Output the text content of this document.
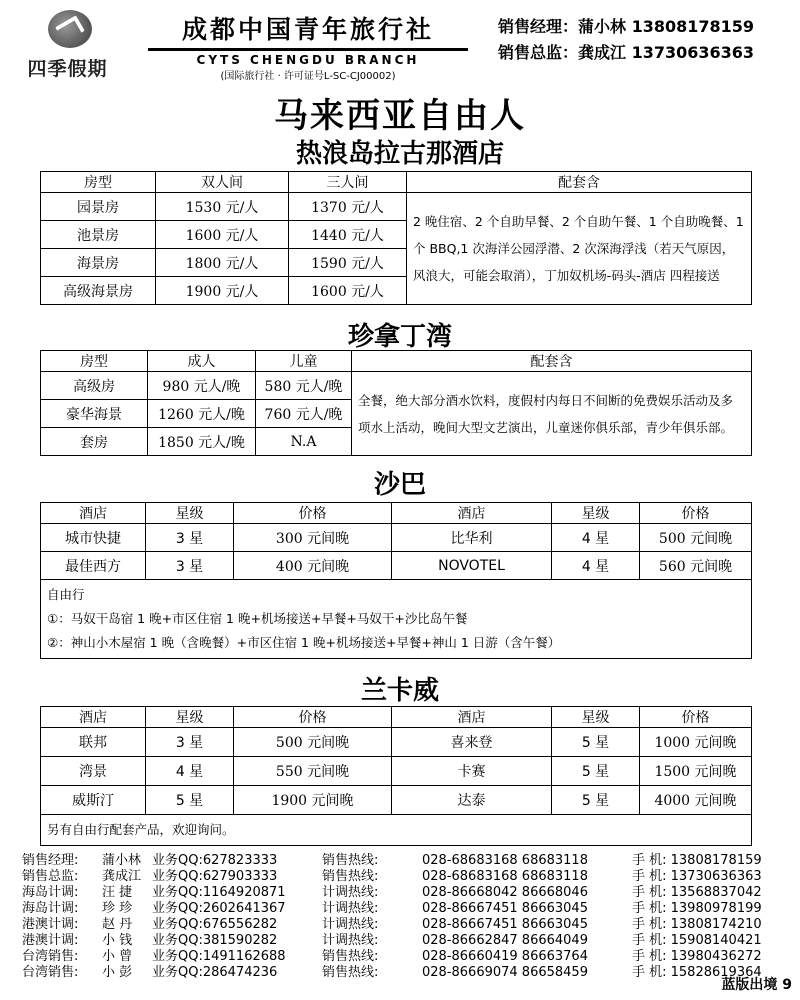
四季假期
成都中国青年旅行社
CYTS CHENGDU BRANCH
(国际旅行社 · 许可证号L-SC-CJ00002)
销售经理：蒲小林 13808178159
销售总监：龚成江 13730636363
马来西亚自由人
热浪岛拉古那酒店
房型	双人间	三人间	配套含
园景房	1530 元/人	1370 元/人	2 晚住宿、2 个自助早餐、2 个自助午餐、1 个自助晚餐、1 个 BBQ,1 次海洋公园浮潜、2 次深海浮浅（若天气原因，风浪大，可能会取消），丁加奴机场-码头-酒店 四程接送
池景房	1600 元/人	1440 元/人	
海景房	1800 元/人	1590 元/人	
高级海景房	1900 元/人	1600 元/人	
珍拿丁湾
房型	成人	儿童	配套含
高级房	980 元人/晚	580 元人/晚	全餐，绝大部分酒水饮料，度假村内每日不间断的免费娱乐活动及多项水上活动，晚间大型文艺演出，儿童迷你俱乐部，青少年俱乐部。
豪华海景	1260 元人/晚	760 元人/晚	
套房	1850 元人/晚	N.A	
沙巴
酒店	星级	价格	酒店	星级	价格
城市快捷	3 星	300 元间晚	比华利	4 星	500 元间晚
最佳西方	3 星	400 元间晚	NOVOTEL	4 星	560 元间晚

自由行
①：马奴干岛宿 1 晚+市区住宿 1 晚+机场接送+早餐+马奴干+沙比岛午餐
②：神山小木屋宿 1 晚（含晚餐）+市区住宿 1 晚+机场接送+早餐+神山 1 日游（含午餐）					
兰卡威
酒店	星级	价格	酒店	星级	价格
联邦	3 星	500 元间晚	喜来登	5 星	1000 元间晚
湾景	4 星	550 元间晚	卡赛	5 星	1500 元间晚
威斯汀	5 星	1900 元间晚	达泰	5 星	4000 元间晚
另有自由行配套产品，欢迎询问。					
销售经理:	蒲小林 业务QQ:627823333	销售热线:	028-68683168 68683118	手 机: 13808178159
销售总监:	龚成江 业务QQ:627903333	销售热线:	028-68683168 68683118	手 机: 13730636363
海岛计调:	汪 捷	业务QQ:1164920871	计调热线:	028-86668042 86668046	手 机: 13568837042
海岛计调:	珍 珍	业务QQ:2602641367	计调热线:	028-86667451 86663045	手 机: 13980978199
港澳计调:	赵 丹	业务QQ:676556282	计调热线:	028-86667451 86663045	手 机: 13808174210
港澳计调:	小 钱	业务QQ:381590282	计调热线:	028-86662847 86664049	手 机: 15908140421
台湾销售:	小 曾	业务QQ:1491162688	销售热线:	028-86660419 86663764	手 机: 13980436272
台湾销售:	小 彭	业务QQ:286474236	销售热线:	028-86669074 86658459	手 机: 15828619364
蓝版出境 9
